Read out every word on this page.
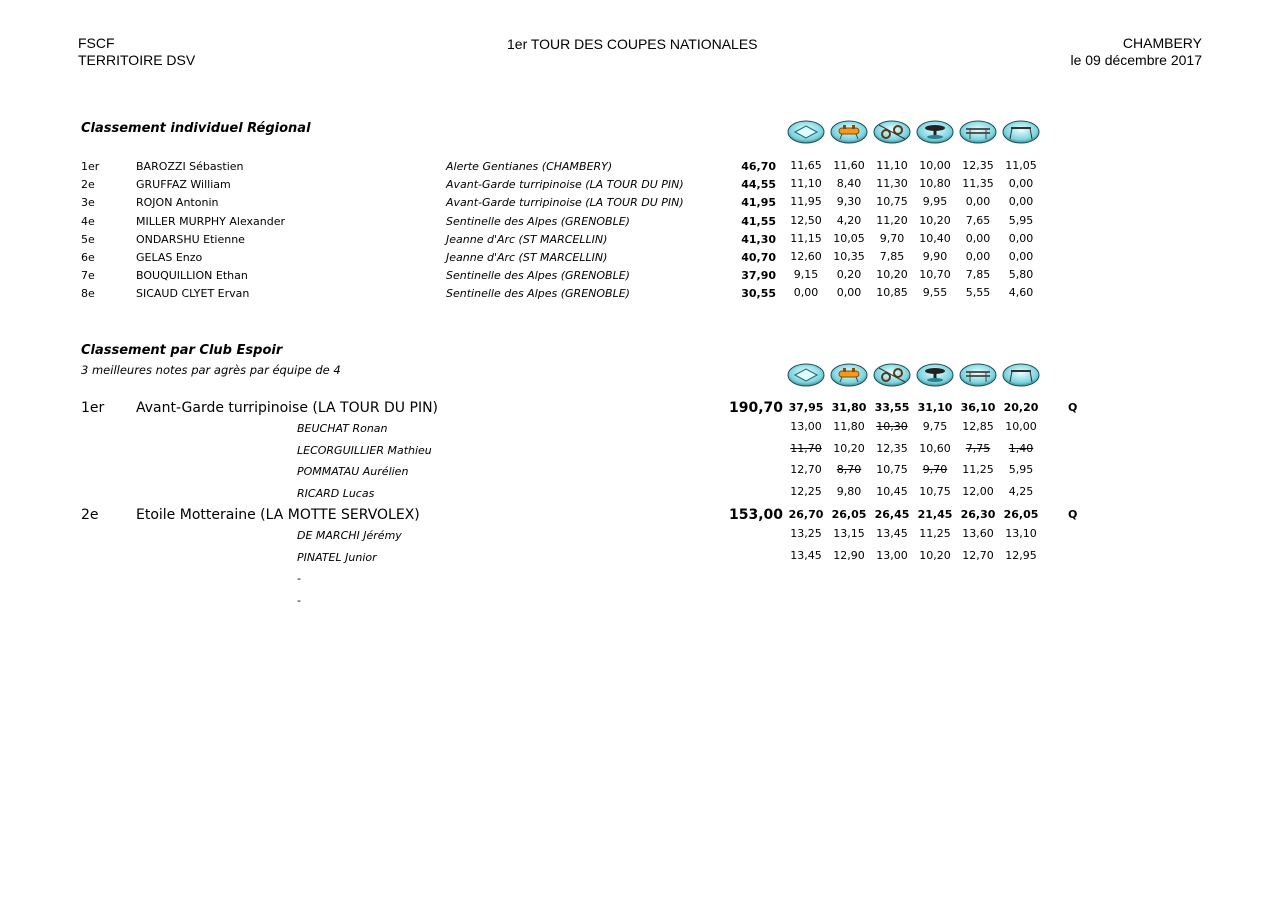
FSCF
TERRITOIRE DSV
1er TOUR DES COUPES NATIONALES	CHAMBERY
le 09 décembre 2017
Classement individuel Régional
1er	BAROZZI Sébastien	Alerte Gentianes (CHAMBERY)	46,70	11,65	11,60	11,10	10,00	12,35	11,05
2e	GRUFFAZ William	Avant-Garde turripinoise (LA TOUR DU PIN)	44,55	11,10	8,40	11,30	10,80	11,35	0,00
3e	ROJON Antonin	Avant-Garde turripinoise (LA TOUR DU PIN)	41,95	11,95	9,30	10,75	9,95	0,00	0,00
4e	MILLER MURPHY Alexander	Sentinelle des Alpes (GRENOBLE)	41,55	12,50	4,20	11,20	10,20	7,65	5,95
5e	ONDARSHU Etienne	Jeanne d'Arc (ST MARCELLIN)	41,30	11,15	10,05	9,70	10,40	0,00	0,00
6e	GELAS Enzo	Jeanne d'Arc (ST MARCELLIN)	40,70	12,60	10,35	7,85	9,90	0,00	0,00
7e	BOUQUILLION Ethan	Sentinelle des Alpes (GRENOBLE)	37,90	9,15	0,20	10,20	10,70	7,85	5,80
8e	SICAUD CLYET Ervan	Sentinelle des Alpes (GRENOBLE)	30,55	0,00	0,00	10,85	9,55	5,55	4,60
Classement par Club Espoir
3 meilleures notes par agrès par équipe de 4
1er Avant-Garde turripinoise (LA TOUR DU PIN)	190,70 37,95 31,80 33,55 31,10 36,10 20,20	Q
BEUCHAT Ronan	13,00	11,80	10,30	9,75	12,85	10,00
LECORGUILLIER Mathieu	11,70	10,20	12,35	10,60	7,75	1,40
POMMATAU Aurélien	12,70	8,70	10,75	9,70	11,25	5,95
RICARD Lucas	12,25	9,80	10,45	10,75	12,00	4,25
2e	Etoile Motteraine (LA MOTTE SERVOLEX)	153,00 26,70 26,05 26,45 21,45 26,30 26,05	Q
DE MARCHI Jérémy	13,25	13,15	13,45	11,25	13,60	13,10
PINATEL Junior	13,45	12,90	13,00	10,20	12,70	12,95
-
-
